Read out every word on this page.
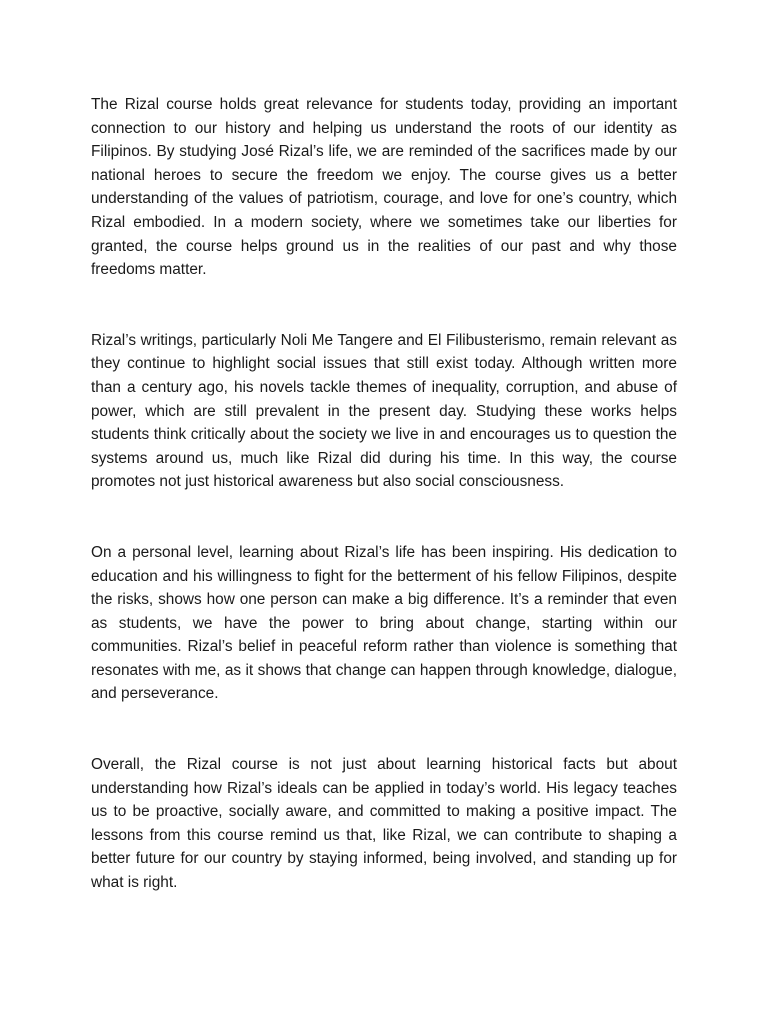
The Rizal course holds great relevance for students today, providing an important connection to our history and helping us understand the roots of our identity as Filipinos. By studying José Rizal’s life, we are reminded of the sacrifices made by our national heroes to secure the freedom we enjoy. The course gives us a better understanding of the values of patriotism, courage, and love for one’s country, which Rizal embodied. In a modern society, where we sometimes take our liberties for granted, the course helps ground us in the realities of our past and why those freedoms matter.

Rizal’s writings, particularly Noli Me Tangere and El Filibusterismo, remain relevant as they continue to highlight social issues that still exist today. Although written more than a century ago, his novels tackle themes of inequality, corruption, and abuse of power, which are still prevalent in the present day. Studying these works helps students think critically about the society we live in and encourages us to question the systems around us, much like Rizal did during his time. In this way, the course promotes not just historical awareness but also social consciousness.

On a personal level, learning about Rizal’s life has been inspiring. His dedication to education and his willingness to fight for the betterment of his fellow Filipinos, despite the risks, shows how one person can make a big difference. It’s a reminder that even as students, we have the power to bring about change, starting within our communities. Rizal’s belief in peaceful reform rather than violence is something that resonates with me, as it shows that change can happen through knowledge, dialogue, and perseverance.

Overall, the Rizal course is not just about learning historical facts but about understanding how Rizal’s ideals can be applied in today’s world. His legacy teaches us to be proactive, socially aware, and committed to making a positive impact. The lessons from this course remind us that, like Rizal, we can contribute to shaping a better future for our country by staying informed, being involved, and standing up for what is right.
